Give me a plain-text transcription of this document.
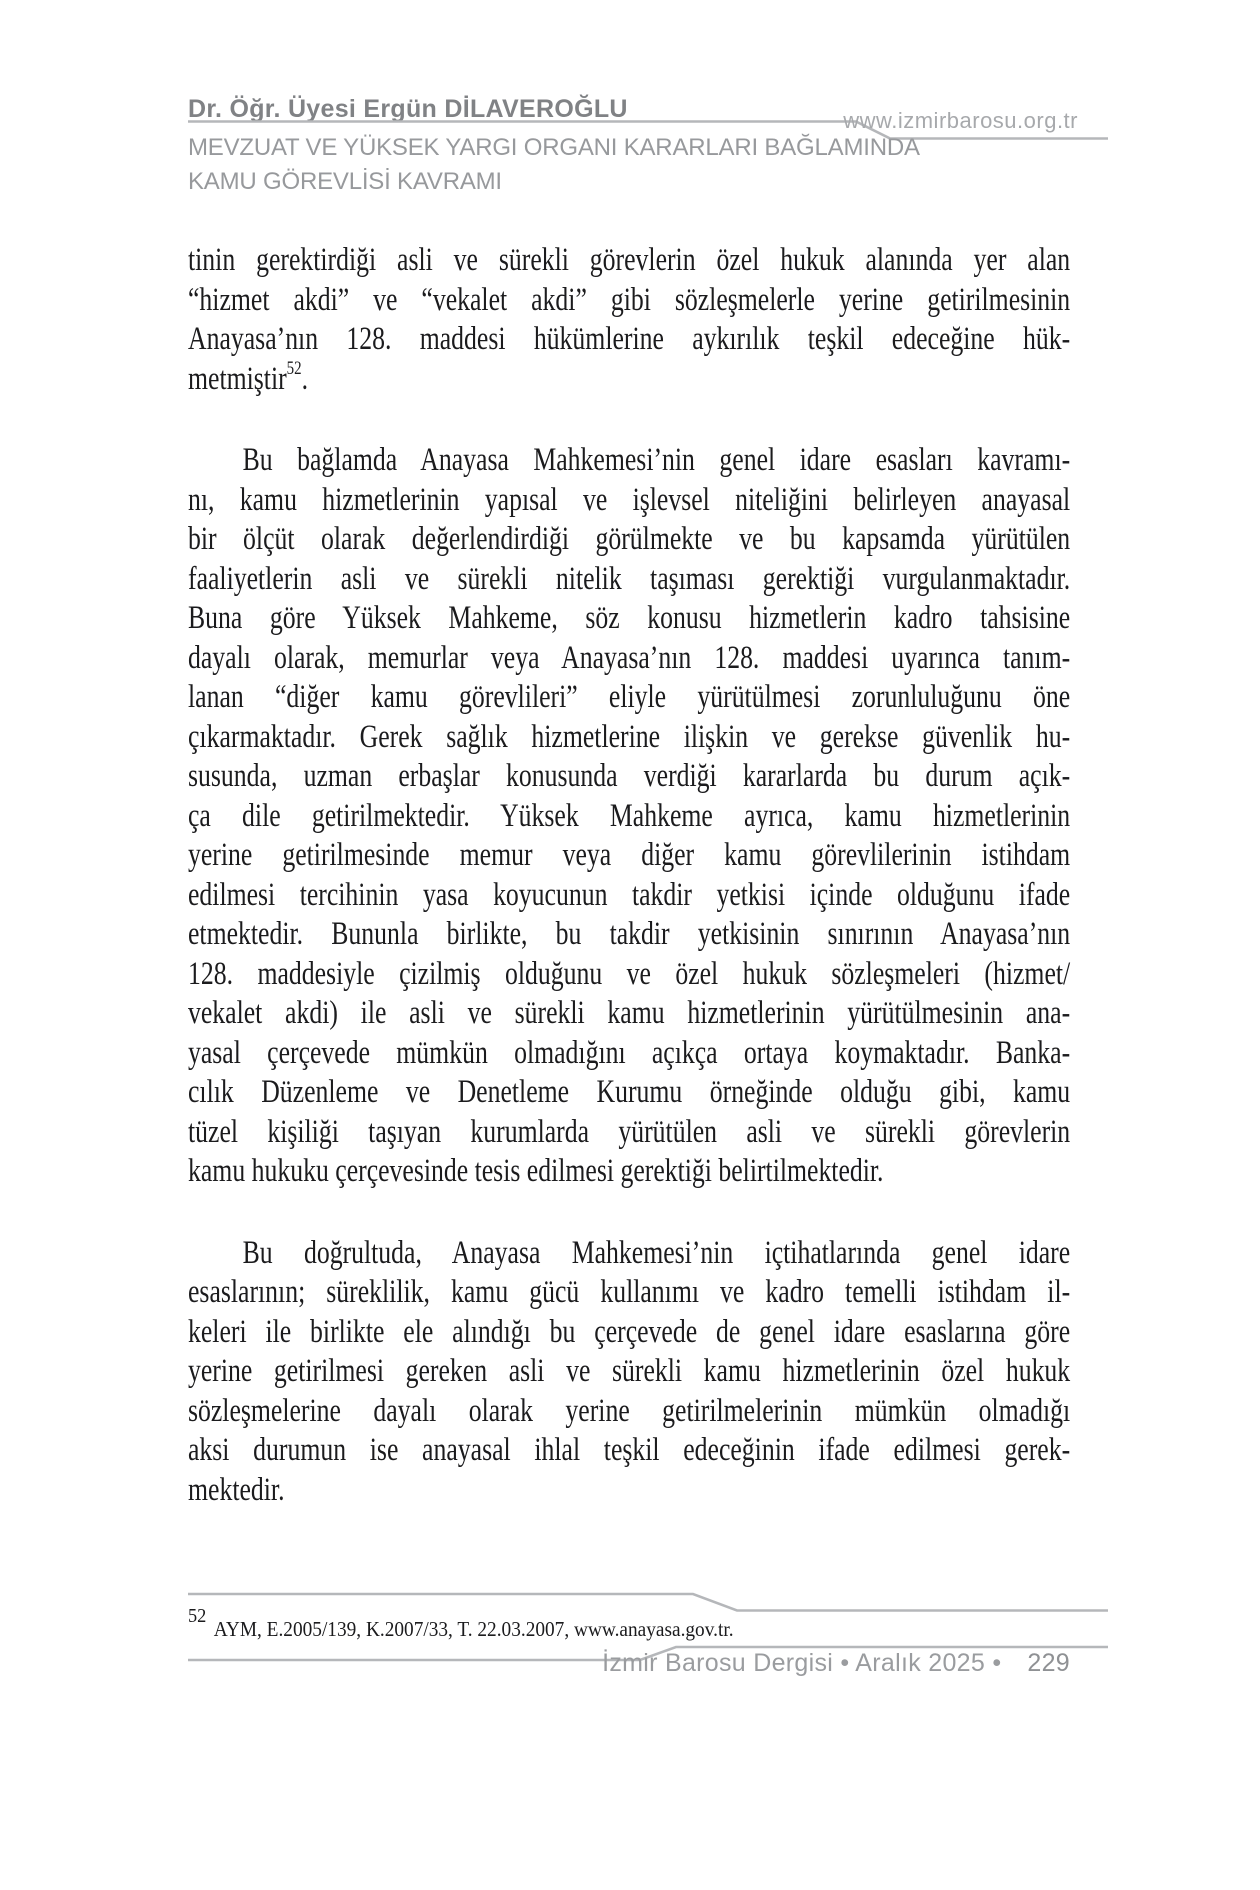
Dr. Öğr. Üyesi Ergün DİLAVEROĞLU	www.izmirbarosu.org.tr
MEVZUAT VE YÜKSEK YARGI ORGANI KARARLARI BAĞLAMINDA
KAMU GÖREVLİSİ KAVRAMI
tinin gerektirdiği asli ve sürekli görevlerin özel hukuk alanında yer alan
“hizmet akdi” ve “vekalet akdi” gibi sözleşmelerle yerine getirilmesinin
Anayasa’nın 128. maddesi hükümlerine aykırılık teşkil edeceğine hük-
metmiştir$^{52}$.
Bu bağlamda Anayasa Mahkemesi’nin genel idare esasları kavramı-
nı, kamu hizmetlerinin yapısal ve işlevsel niteliğini belirleyen anayasal
bir ölçüt olarak değerlendirdiği görülmekte ve bu kapsamda yürütülen
faaliyetlerin asli ve sürekli nitelik taşıması gerektiği vurgulanmaktadır.
Buna göre Yüksek Mahkeme, söz konusu hizmetlerin kadro tahsisine
dayalı olarak, memurlar veya Anayasa’nın 128. maddesi uyarınca tanım-
lanan “diğer kamu görevlileri” eliyle yürütülmesi zorunluluğunu öne
çıkarmaktadır. Gerek sağlık hizmetlerine ilişkin ve gerekse güvenlik hu-
susunda, uzman erbaşlar konusunda verdiği kararlarda bu durum açık-
ça dile getirilmektedir. Yüksek Mahkeme ayrıca, kamu hizmetlerinin
yerine getirilmesinde memur veya diğer kamu görevlilerinin istihdam
edilmesi tercihinin yasa koyucunun takdir yetkisi içinde olduğunu ifade
etmektedir. Bununla birlikte, bu takdir yetkisinin sınırının Anayasa’nın
128. maddesiyle çizilmiş olduğunu ve özel hukuk sözleşmeleri (hizmet/
vekalet akdi) ile asli ve sürekli kamu hizmetlerinin yürütülmesinin ana-
yasal çerçevede mümkün olmadığını açıkça ortaya koymaktadır. Banka-
cılık Düzenleme ve Denetleme Kurumu örneğinde olduğu gibi, kamu
tüzel kişiliği taşıyan kurumlarda yürütülen asli ve sürekli görevlerin
kamu hukuku çerçevesinde tesis edilmesi gerektiği belirtilmektedir.
Bu doğrultuda, Anayasa Mahkemesi’nin içtihatlarında genel idare
esaslarının; süreklilik, kamu gücü kullanımı ve kadro temelli istihdam il-
keleri ile birlikte ele alındığı bu çerçevede de genel idare esaslarına göre
yerine getirilmesi gereken asli ve sürekli kamu hizmetlerinin özel hukuk
sözleşmelerine dayalı olarak yerine getirilmelerinin mümkün olmadığı
aksi durumun ise anayasal ihlal teşkil edeceğinin ifade edilmesi gerek-
mektedir.
$^{52}$AYM, E.2005/139, K.2007/33, T. 22.03.2007, www.anayasa.gov.tr.
İzmir Barosu Dergisi • Aralık 2025 • 229
